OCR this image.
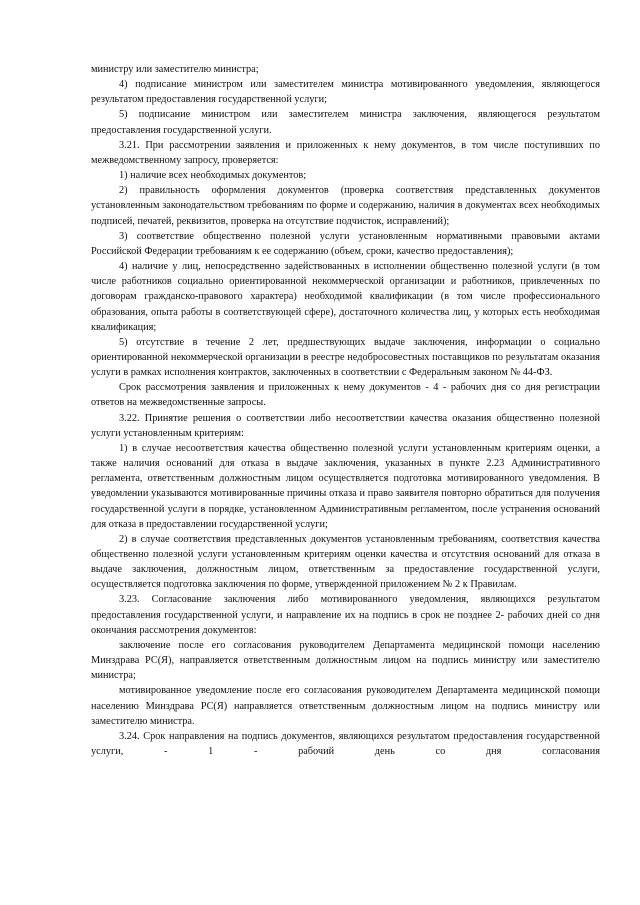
министру или заместителю министра;

4) подписание министром или заместителем министра мотивированного уведомления, являющегося результатом предоставления государственной услуги;

5) подписание министром или заместителем министра заключения, являющегося результатом предоставления государственной услуги.

3.21. При рассмотрении заявления и приложенных к нему документов, в том числе поступивших по межведомственному запросу, проверяется:

1) наличие всех необходимых документов;

2) правильность оформления документов (проверка соответствия представленных документов установленным законодательством требованиям по форме и содержанию, наличия в документах всех необходимых подписей, печатей, реквизитов, проверка на отсутствие подчисток, исправлений);

3) соответствие общественно полезной услуги установленным нормативными правовыми актами Российской Федерации требованиям к ее содержанию (объем, сроки, качество предоставления);

4) наличие у лиц, непосредственно задействованных в исполнении общественно полезной услуги (в том числе работников социально ориентированной некоммерческой организации и работников, привлеченных по договорам гражданско-правового характера) необходимой квалификации (в том числе профессионального образования, опыта работы в соответствующей сфере), достаточного количества лиц, у которых есть необходимая квалификация;

5) отсутствие в течение 2 лет, предшествующих выдаче заключения, информации о социально ориентированной некоммерческой организации в реестре недобросовестных поставщиков по результатам оказания услуги в рамках исполнения контрактов, заключенных в соответствии с Федеральным законом № 44-ФЗ.

Срок рассмотрения заявления и приложенных к нему документов - 4 - рабочих дня со дня регистрации ответов на межведомственные запросы.

3.22. Принятие решения о соответствии либо несоответствии качества оказания общественно полезной услуги установленным критериям:

1) в случае несоответствия качества общественно полезной услуги установленным критериям оценки, а также наличия оснований для отказа в выдаче заключения, указанных в пункте 2.23 Административного регламента, ответственным должностным лицом осуществляется подготовка мотивированного уведомления. В уведомлении указываются мотивированные причины отказа и право заявителя повторно обратиться для получения государственной услуги в порядке, установленном Административным регламентом, после устранения оснований для отказа в предоставлении государственной услуги;

2) в случае соответствия представленных документов установленным требованиям, соответствия качества общественно полезной услуги установленным критериям оценки качества и отсутствия оснований для отказа в выдаче заключения, должностным лицом, ответственным за предоставление государственной услуги, осуществляется подготовка заключения по форме, утвержденной приложением № 2 к Правилам.

3.23. Согласование заключения либо мотивированного уведомления, являющихся результатом предоставления государственной услуги, и направление их на подпись в срок не позднее 2- рабочих дней со дня окончания рассмотрения документов:

заключение после его согласования руководителем Департамента медицинской помощи населению Минздрава РС(Я), направляется ответственным должностным лицом на подпись министру или заместителю министра;

мотивированное уведомление после его согласования руководителем Департамента медицинской помощи населению Минздрава РС(Я) направляется ответственным должностным лицом на подпись министру или заместителю министра.

3.24. Срок направления на подпись документов, являющихся результатом предоставления государственной услуги, - 1 - рабочий день со дня согласования
